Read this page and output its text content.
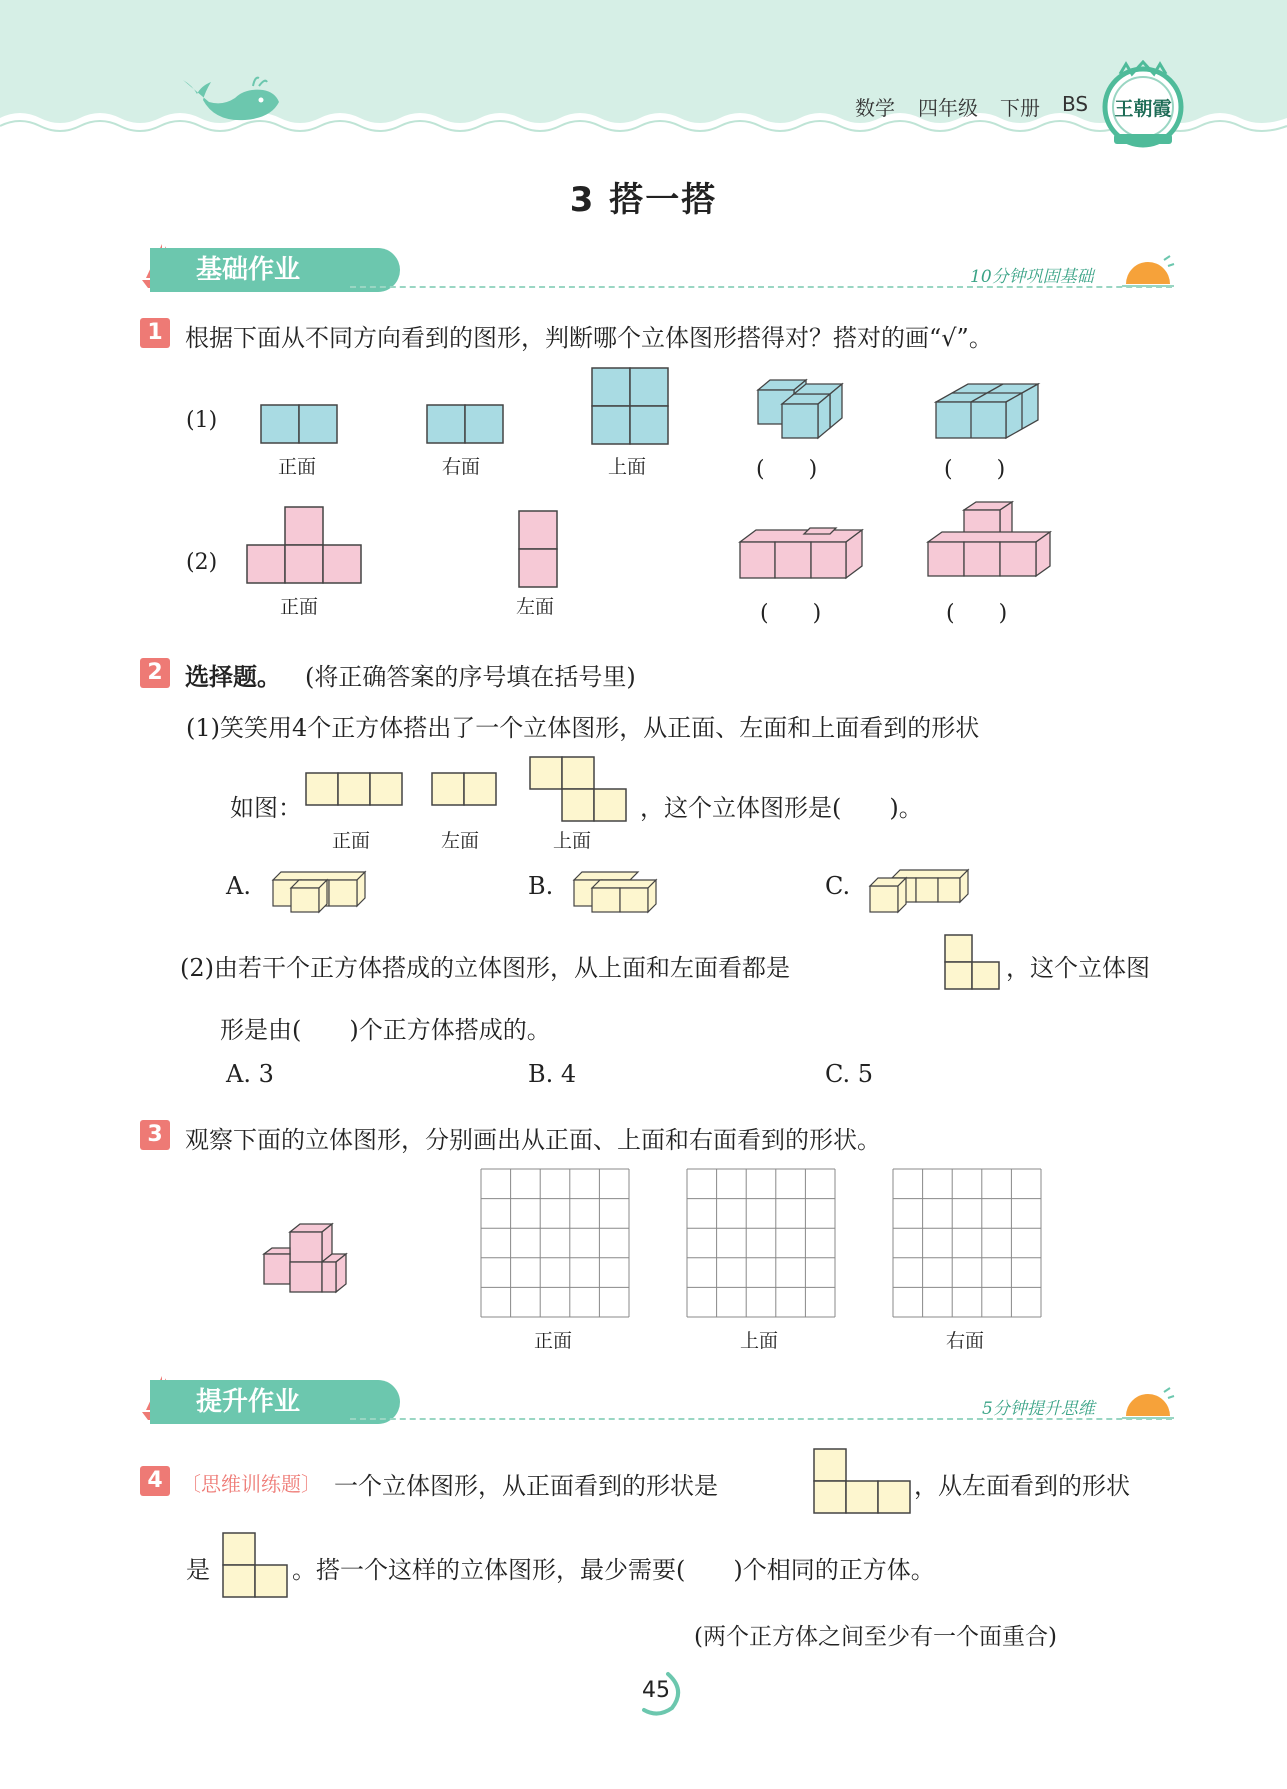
数学 四年级 下册 BS 王朝霞
3 搭一搭
基础作业	10分钟巩固基础
1 根据下面从不同方向看到的图形，判断哪个立体图形搭得对？搭对的画“√”。
(1)
正面	右面	上面	(　　)	(　　)
(2)
正面	左面	(　　)	(　　)
2 选择题。 (将正确答案的序号填在括号里)
(1)笑笑用4个正方体搭出了一个立体图形，从正面、左面和上面看到的形状
如图：
正面	左面	上面
，这个立体图形是(　　)。
A.	B.	C.
(2)由若干个正方体搭成的立体图形，从上面和左面看都是	，这个立体图
形是由(　　)个正方体搭成的。
A. 3	B. 4	C. 5
3 观察下面的立体图形，分别画出从正面、上面和右面看到的形状。
正面	上面	右面
提升作业	5分钟提升思维
4 〔思维训练题〕 一个立体图形，从正面看到的形状是	，从左面看到的形状
是	。搭一个这样的立体图形，最少需要(　　)个相同的正方体。
(两个正方体之间至少有一个面重合)
45
